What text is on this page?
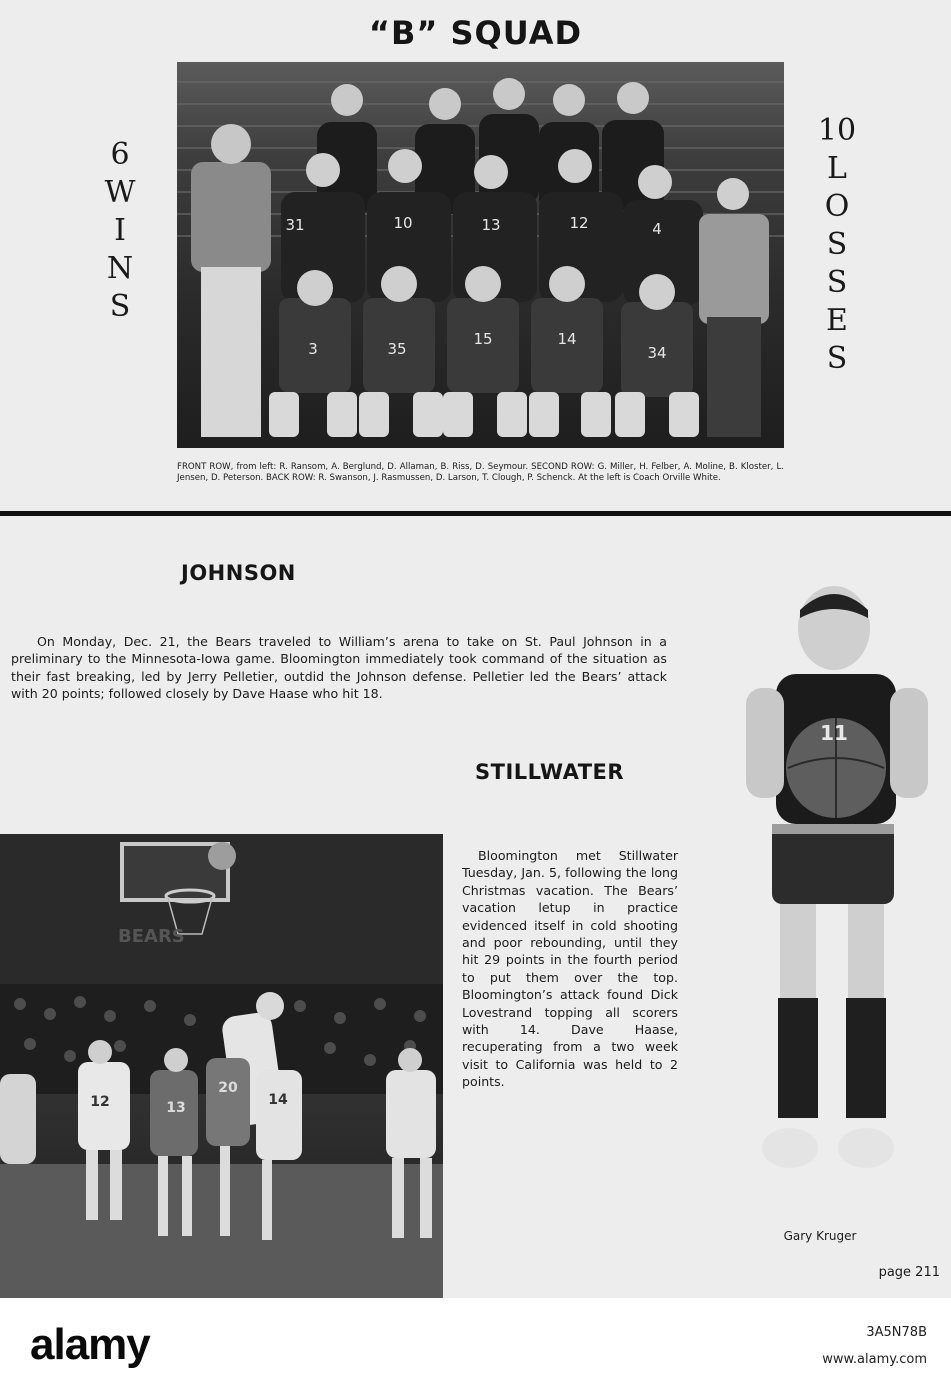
“B” SQUAD
6
W
I
N
S
10
L
O
S
S
E
S
31	10	13	12	4
3	35
15	14
34
FRONT ROW, from left: R. Ransom, A. Berglund, D. Allaman, B. Riss, D. Seymour. SECOND ROW: G. Miller, H. Felber, A. Moline, B. Kloster, L. Jensen, D. Peterson. BACK ROW: R. Swanson, J. Rasmussen, D. Larson, T. Clough, P. Schenck. At the left is Coach Orville White.
JOHNSON
On Monday, Dec. 21, the Bears traveled to William’s arena to take on St. Paul Johnson in a preliminary to the Minnesota-Iowa game. Bloomington immediately took command of the situation as their fast breaking, led by Jerry Pelletier, outdid the Johnson defense. Pelletier led the Bears’ attack with 20 points; followed closely by Dave Haase who hit 18.
STILLWATER
Bloomington met Stillwater Tuesday, Jan. 5, following the long Christmas vacation. The Bears’ vacation letup in practice evidenced itself in cold shooting and poor rebounding, until they hit 29 points in the fourth period to put them over the top. Bloomington’s attack found Dick Lovestrand topping all scorers with 14. Dave Haase, recuperating from a two week visit to California was held to 2 points.
BEARS
12	13
20
14
11
Gary Kruger
page 211
alamy	3A5N78B
www.alamy.com
